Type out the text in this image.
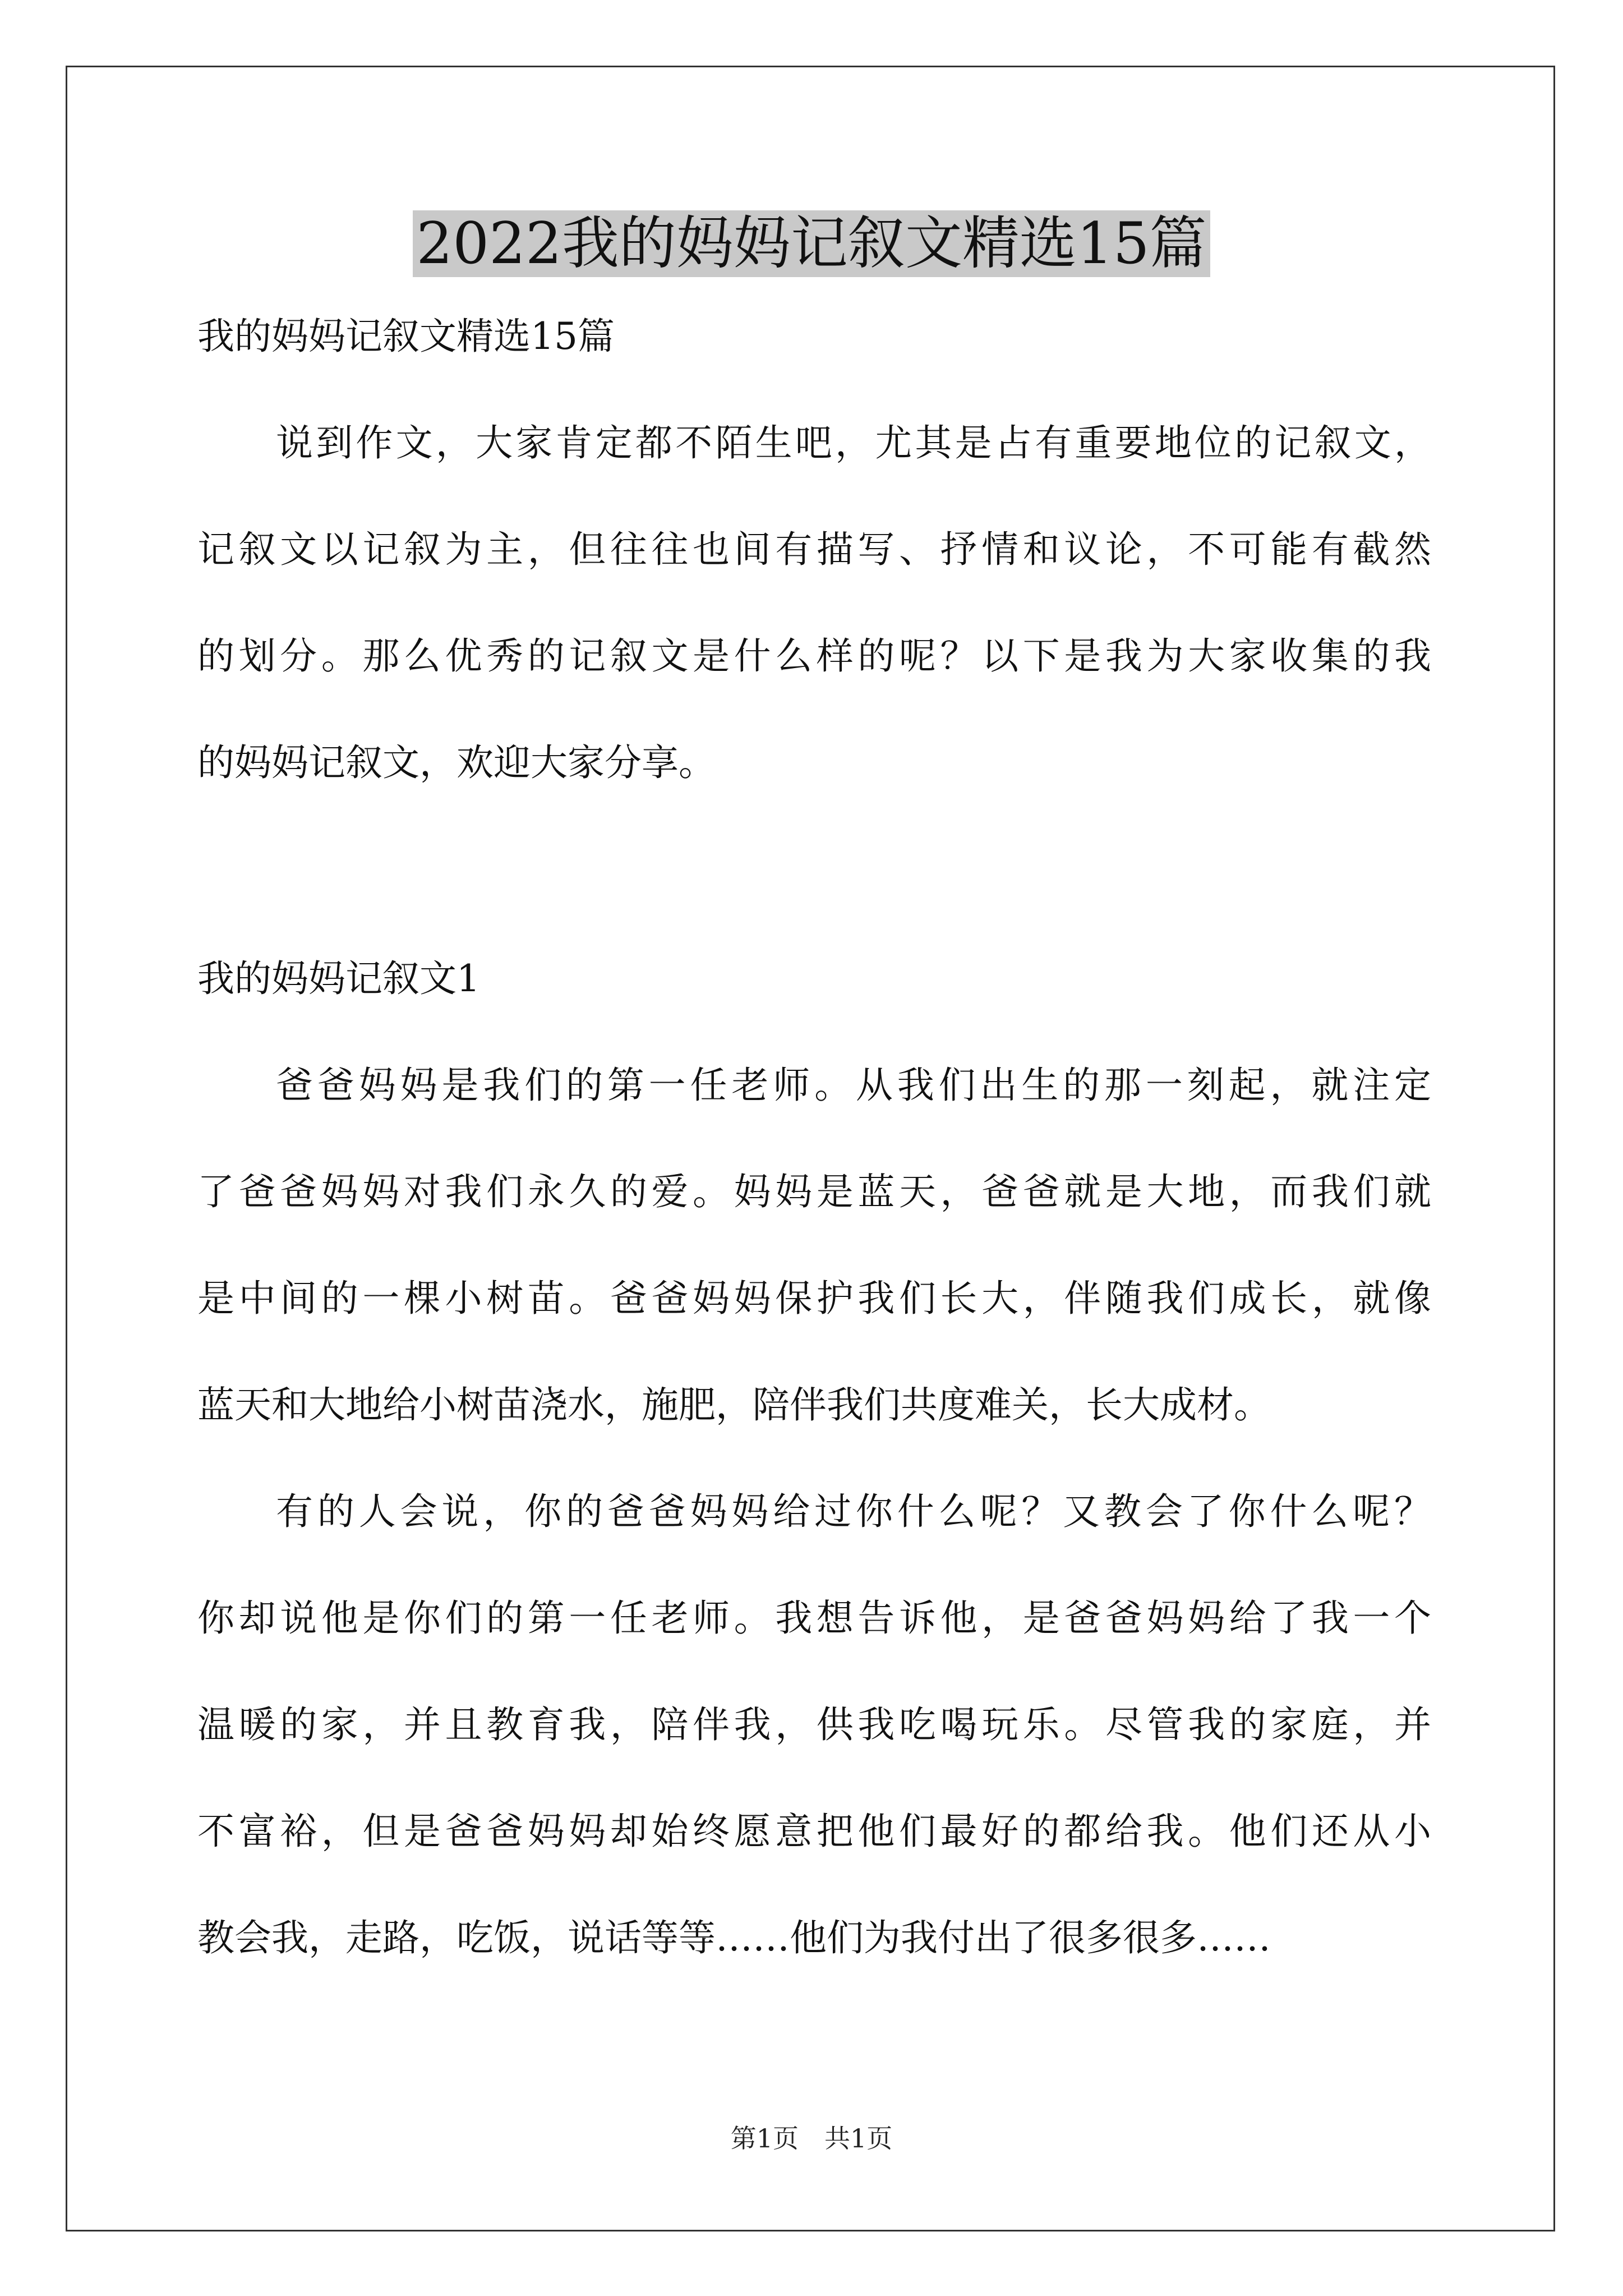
2022我的妈妈记叙文精选15篇
我的妈妈记叙文精选15篇
说到作文，大家肯定都不陌生吧，尤其是占有重要地位的记叙文，
记叙文以记叙为主，但往往也间有描写、抒情和议论，不可能有截然
的划分。那么优秀的记叙文是什么样的呢？以下是我为大家收集的我
的妈妈记叙文，欢迎大家分享。
我的妈妈记叙文1
爸爸妈妈是我们的第一任老师。从我们出生的那一刻起，就注定
了爸爸妈妈对我们永久的爱。妈妈是蓝天，爸爸就是大地，而我们就
是中间的一棵小树苗。爸爸妈妈保护我们长大，伴随我们成长，就像
蓝天和大地给小树苗浇水，施肥，陪伴我们共度难关，长大成材。
有的人会说，你的爸爸妈妈给过你什么呢？又教会了你什么呢？
你却说他是你们的第一任老师。我想告诉他，是爸爸妈妈给了我一个
温暖的家，并且教育我，陪伴我，供我吃喝玩乐。尽管我的家庭，并
不富裕，但是爸爸妈妈却始终愿意把他们最好的都给我。他们还从小
教会我，走路，吃饭，说话等等……他们为我付出了很多很多……
第1页　共1页
